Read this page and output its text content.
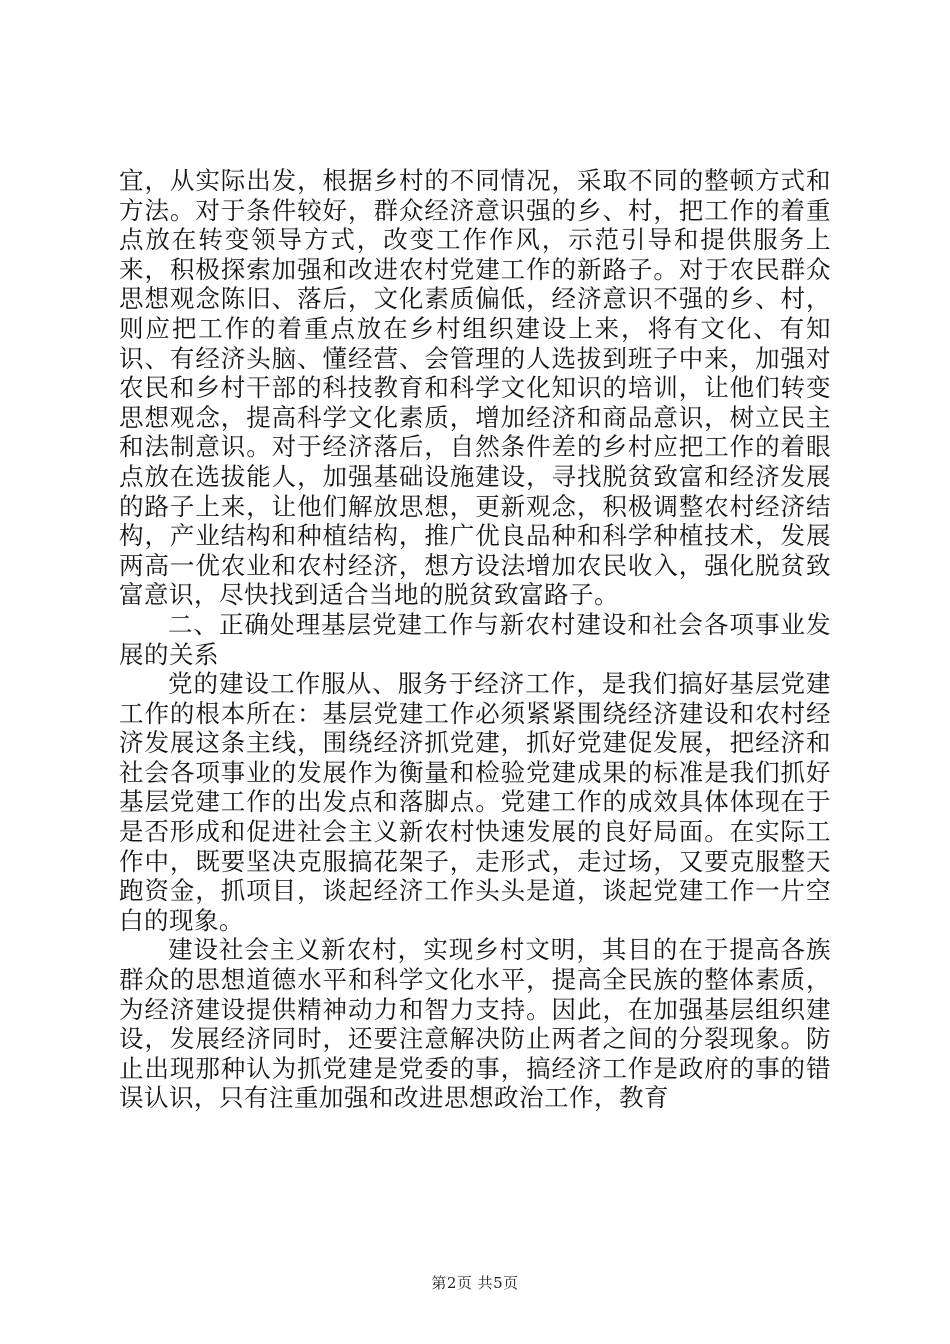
宜，从实际出发，根据乡村的不同情况，采取不同的整顿方式和方法。对于条件较好，群众经济意识强的乡、村，把工作的着重点放在转变领导方式，改变工作作风，示范引导和提供服务上来，积极探索加强和改进农村党建工作的新路子。对于农民群众思想观念陈旧、落后，文化素质偏低，经济意识不强的乡、村，则应把工作的着重点放在乡村组织建设上来，将有文化、有知识、有经济头脑、懂经营、会管理的人选拔到班子中来，加强对农民和乡村干部的科技教育和科学文化知识的培训，让他们转变思想观念，提高科学文化素质，增加经济和商品意识，树立民主和法制意识。对于经济落后，自然条件差的乡村应把工作的着眼点放在选拔能人，加强基础设施建设，寻找脱贫致富和经济发展的路子上来，让他们解放思想，更新观念，积极调整农村经济结构，产业结构和种植结构，推广优良品种和科学种植技术，发展两高一优农业和农村经济，想方设法增加农民收入，强化脱贫致富意识，尽快找到适合当地的脱贫致富路子。

二、正确处理基层党建工作与新农村建设和社会各项事业发展的关系

党的建设工作服从、服务于经济工作，是我们搞好基层党建工作的根本所在：基层党建工作必须紧紧围绕经济建设和农村经济发展这条主线，围绕经济抓党建，抓好党建促发展，把经济和社会各项事业的发展作为衡量和检验党建成果的标准是我们抓好基层党建工作的出发点和落脚点。党建工作的成效具体体现在于是否形成和促进社会主义新农村快速发展的良好局面。在实际工作中，既要坚决克服搞花架子，走形式，走过场，又要克服整天跑资金，抓项目，谈起经济工作头头是道，谈起党建工作一片空白的现象。

建设社会主义新农村，实现乡村文明，其目的在于提高各族群众的思想道德水平和科学文化水平，提高全民族的整体素质，为经济建设提供精神动力和智力支持。因此，在加强基层组织建设，发展经济同时，还要注意解决防止两者之间的分裂现象。防止出现那种认为抓党建是党委的事，搞经济工作是政府的事的错误认识，只有注重加强和改进思想政治工作，教育

第2页 共5页
